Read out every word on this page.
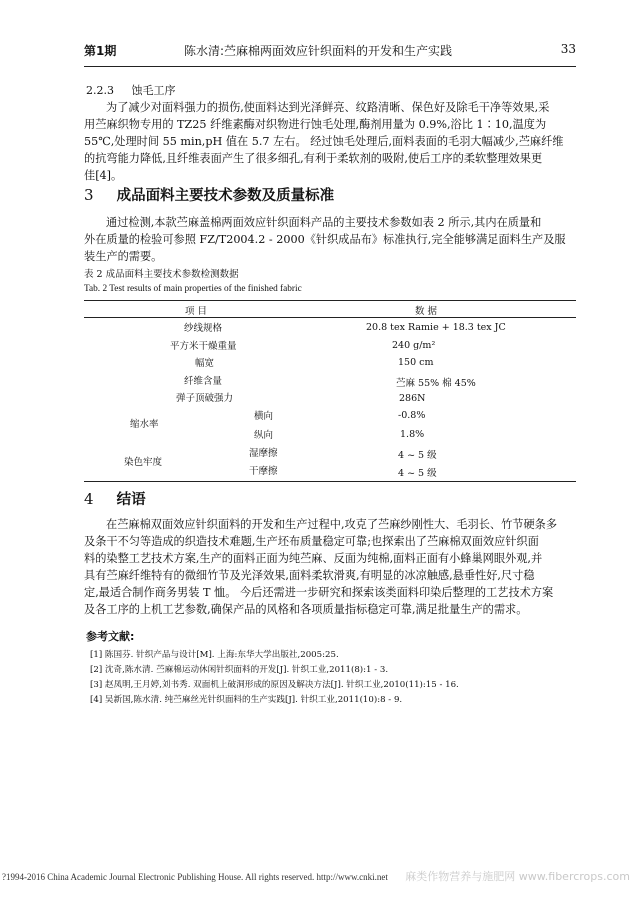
第1期	陈水清:苎麻棉两面效应针织面料的开发和生产实践	33
2.2.3 蚀毛工序

为了减少对面料强力的损伤,使面料达到光泽鲜亮、纹路清晰、保色好及除毛干净等效果,采

用苎麻织物专用的 TZ25 纤维素酶对织物进行蚀毛处理,酶剂用量为 0.9%,浴比 1∶10,温度为

55℃,处理时间 55 min,pH 值在 5.7 左右。 经过蚀毛处理后,面料表面的毛羽大幅减少,苎麻纤维

的抗弯能力降低,且纤维表面产生了很多细孔,有利于柔软剂的吸附,使后工序的柔软整理效果更

佳[4]。

3 成品面料主要技术参数及质量标准

通过检测,本款苎麻盖棉两面效应针织面料产品的主要技术参数如表 2 所示,其内在质量和

外在质量的检验可参照 FZ/T2004.2 - 2000《针织成品布》标准执行,完全能够满足面料生产及服

装生产的需要。

表 2 成品面料主要技术参数检测数据
Tab. 2 Test results of main properties of the finished fabric
项 目	数 据
纱线规格	20.8 tex Ramie + 18.3 tex JC
平方米干燥重量	240 g/m²
幅宽	150 cm
纤维含量	苎麻 55% 棉 45%
弹子顶破强力	286N
缩水率
横向	-0.8%
纵向	1.8%
染色牢度
湿摩擦	4 ~ 5 级
干摩擦	4 ~ 5 级
4 结语

在苎麻棉双面效应针织面料的开发和生产过程中,攻克了苎麻纱刚性大、毛羽长、竹节硬条多

及条干不匀等造成的织造技术难题,生产坯布质量稳定可靠;也探索出了苎麻棉双面效应针织面

料的染整工艺技术方案,生产的面料正面为纯苎麻、反面为纯棉,面料正面有小蜂巢网眼外观,并

具有苎麻纤维特有的微细竹节及光泽效果,面料柔软滑爽,有明显的冰凉触感,悬垂性好,尺寸稳

定,最适合制作商务男装 T 恤。 今后还需进一步研究和探索该类面料印染后整理的工艺技术方案

及各工序的上机工艺参数,确保产品的风格和各项质量指标稳定可靠,满足批量生产的需求。

参考文献:
[1] 陈国芬. 针织产品与设计[M]. 上海:东华大学出版社,2005:25.
[2] 沈奇,陈水清. 苎麻棉运动休闲针织面料的开发[J]. 针织工业,2011(8):1 - 3.
[3] 赵凤明,王月婷,刘书秀. 双面机上破洞形成的原因及解决方法[J]. 针织工业,2010(11):15 - 16.
[4] 吴新国,陈水清. 纯苎麻丝光针织面料的生产实践[J]. 针织工业,2011(10):8 - 9.
?1994-2016 China Academic Journal Electronic Publishing House. All rights reserved. http://www.cnki.net 麻类作物营养与施肥网 www.fibercrops.com
